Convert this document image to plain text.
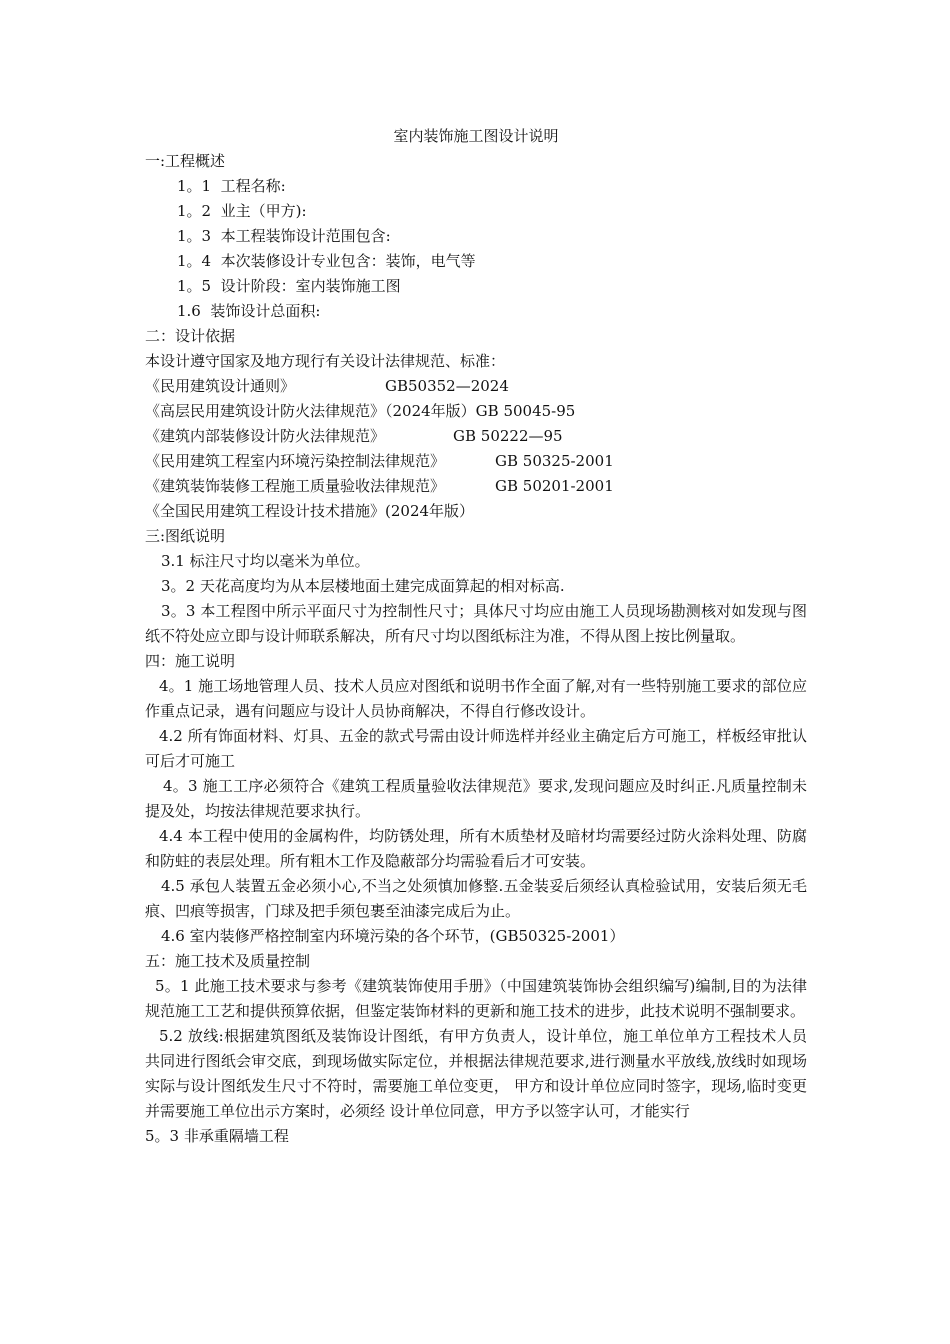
室内装饰施工图设计说明

一:工程概述

1。1  工程名称:

1。2  业主（甲方):

1。3  本工程装饰设计范围包含:

1。4  本次装修设计专业包含：装饰，电气等

1。5  设计阶段：室内装饰施工图

1.6  装饰设计总面积:

二：设计依据

本设计遵守国家及地方现行有关设计法律规范、标准：

《民用建筑设计通则》	GB50352—2024

《高层民用建筑设计防火法律规范》（2024年版）GB 50045-95

《建筑内部装修设计防火法律规范》	GB 50222—95

《民用建筑工程室内环境污染控制法律规范》	GB 50325-2001

《建筑装饰装修工程施工质量验收法律规范》	GB 50201-2001

《全国民用建筑工程设计技术措施》(2024年版）

三:图纸说明

3.1 标注尺寸均以毫米为单位。

3。2 天花高度均为从本层楼地面土建完成面算起的相对标高.

3。3 本工程图中所示平面尺寸为控制性尺寸；具体尺寸均应由施工人员现场勘测核对如发现与图纸不符处应立即与设计师联系解决，所有尺寸均以图纸标注为准，不得从图上按比例量取。

四：施工说明

4。1 施工场地管理人员、技术人员应对图纸和说明书作全面了解,对有一些特别施工要求的部位应作重点记录，遇有问题应与设计人员协商解决，不得自行修改设计。

4.2 所有饰面材料、灯具、五金的款式号需由设计师选样并经业主确定后方可施工，样板经审批认可后才可施工

4。3 施工工序必须符合《建筑工程质量验收法律规范》要求,发现问题应及时纠正.凡质量控制未提及处，均按法律规范要求执行。

4.4 本工程中使用的金属构件，均防锈处理，所有木质垫材及暗材均需要经过防火涂料处理、防腐和防蛀的表层处理。所有粗木工作及隐蔽部分均需验看后才可安装。

4.5 承包人装置五金必须小心,不当之处须慎加修整.五金装妥后须经认真检验试用，安装后须无毛痕、凹痕等损害，门球及把手须包裹至油漆完成后为止。

4.6 室内装修严格控制室内环境污染的各个环节，(GB50325-2001）

五：施工技术及质量控制

5。1 此施工技术要求与参考《建筑装饰使用手册》（中国建筑装饰协会组织编写)编制,目的为法律规范施工工艺和提供预算依据，但鉴定装饰材料的更新和施工技术的进步，此技术说明不强制要求。

5.2 放线:根据建筑图纸及装饰设计图纸，有甲方负责人，设计单位，施工单位单方工程技术人员共同进行图纸会审交底，到现场做实际定位，并根据法律规范要求,进行测量水平放线,放线时如现场实际与设计图纸发生尺寸不符时，需要施工单位变更， 甲方和设计单位应同时签字，现场,临时变更并需要施工单位出示方案时，必须经 设计单位同意，甲方予以签字认可，才能实行

5。3 非承重隔墙工程
